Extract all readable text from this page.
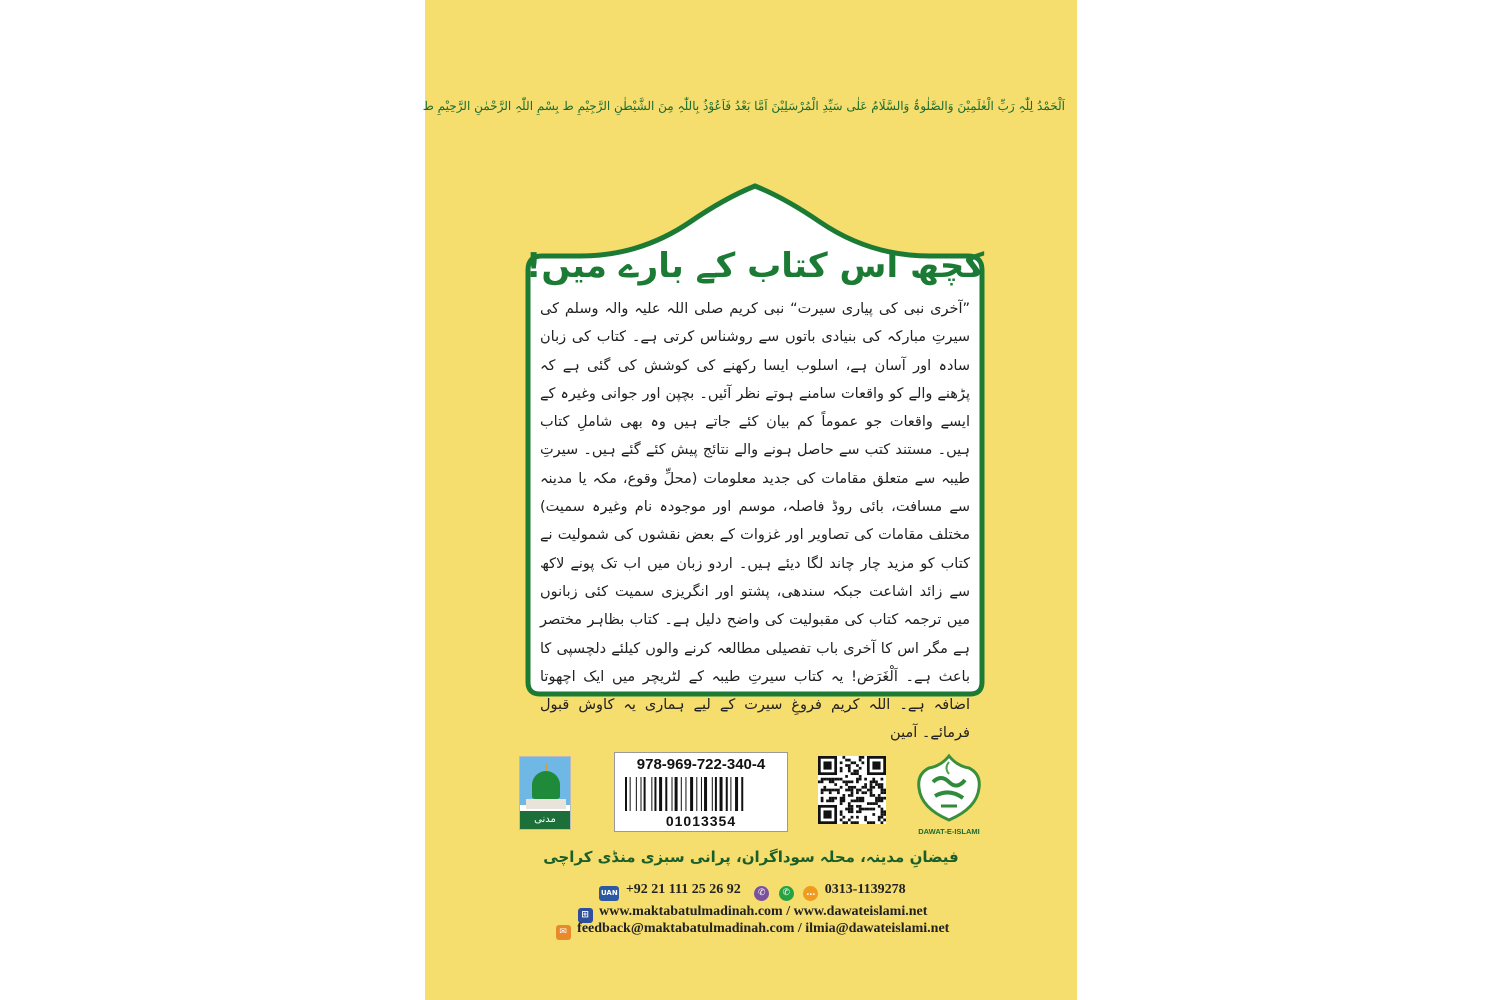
اَلْحَمْدُ لِلّٰہِ رَبِّ الْعٰلَمِیْنَ وَالصَّلٰوۃُ وَالسَّلَامُ عَلٰی سَیِّدِ الْمُرْسَلِیْنَ اَمَّا بَعْدُ فَاَعُوْذُ بِاللّٰہِ مِنَ الشَّیْطٰنِ الرَّجِیْمِ ط بِسْمِ اللّٰہِ الرَّحْمٰنِ الرَّحِیْمِ ط
کچھ اس کتاب کے بارے میں!
”آخری نبی کی پیاری سیرت“ نبی کریم صلی اللہ علیہ والہ وسلم کی سیرتِ مبارکہ کی بنیادی باتوں سے روشناس کرتی ہے۔ کتاب کی زبان سادہ اور آسان ہے، اسلوب ایسا رکھنے کی کوشش کی گئی ہے کہ پڑھنے والے کو واقعات سامنے ہوتے نظر آئیں۔ بچپن اور جوانی وغیرہ کے ایسے واقعات جو عموماً کم بیان کئے جاتے ہیں وہ بھی شاملِ کتاب ہیں۔ مستند کتب سے حاصل ہونے والے نتائج پیش کئے گئے ہیں۔ سیرتِ طیبہ سے متعلق مقامات کی جدید معلومات (محلِّ وقوع، مکہ یا مدینہ سے مسافت، بائی روڈ فاصلہ، موسم اور موجودہ نام وغیرہ سمیت) مختلف مقامات کی تصاویر اور غزوات کے بعض نقشوں کی شمولیت نے کتاب کو مزید چار چاند لگا دیئے ہیں۔ اردو زبان میں اب تک پونے لاکھ سے زائد اشاعت جبکہ سندھی، پشتو اور انگریزی سمیت کئی زبانوں میں ترجمہ کتاب کی مقبولیت کی واضح دلیل ہے۔ کتاب بظاہر مختصر ہے مگر اس کا آخری باب تفصیلی مطالعہ کرنے والوں کیلئے دلچسپی کا باعث ہے۔ اَلْغَرَض! یہ کتاب سیرتِ طیبہ کے لٹریچر میں ایک اچھوتا اضافہ ہے۔ اللہ کریم فروغِ سیرت کے لیے ہماری یہ کاوش قبول فرمائے۔ آمین
مدنی
978-969-722-340-4
01013354
DAWAT-E-ISLAMI
فیضانِ مدینہ، محلہ سوداگران، پرانی سبزی منڈی کراچی
UAN +92 21 111 25 26 92 ✆ ✆ … 0313-1139278
⊞ www.maktabatulmadinah.com / www.dawateislami.net
✉ feedback@maktabatulmadinah.com / ilmia@dawateislami.net
